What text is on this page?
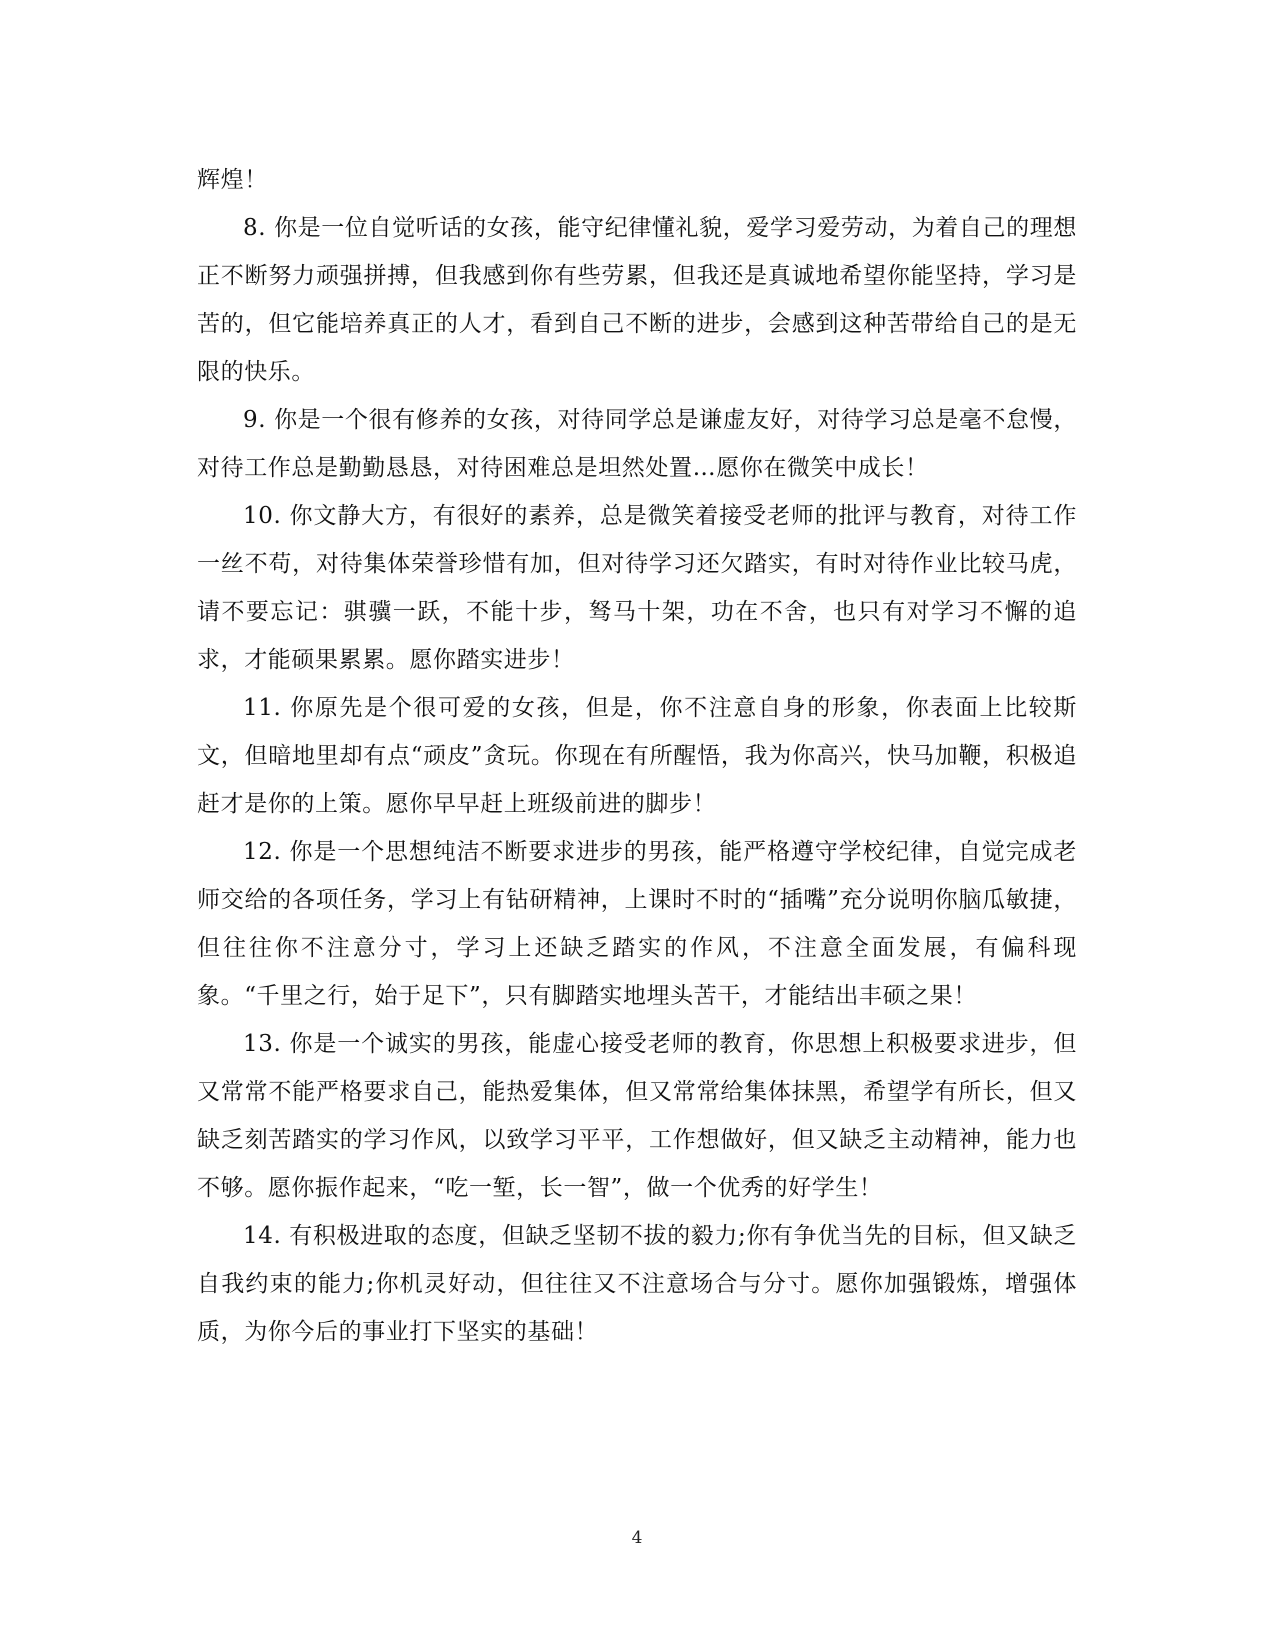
辉煌！

8. 你是一位自觉听话的女孩，能守纪律懂礼貌，爱学习爱劳动，为着自己的理想正不断努力顽强拼搏，但我感到你有些劳累，但我还是真诚地希望你能坚持，学习是苦的，但它能培养真正的人才，看到自己不断的进步，会感到这种苦带给自己的是无限的快乐。

9. 你是一个很有修养的女孩，对待同学总是谦虚友好，对待学习总是毫不怠慢，对待工作总是勤勤恳恳，对待困难总是坦然处置…愿你在微笑中成长！

10. 你文静大方，有很好的素养，总是微笑着接受老师的批评与教育，对待工作一丝不苟，对待集体荣誉珍惜有加，但对待学习还欠踏实，有时对待作业比较马虎，请不要忘记：骐骥一跃，不能十步，驽马十架，功在不舍，也只有对学习不懈的追求，才能硕果累累。愿你踏实进步！

11. 你原先是个很可爱的女孩，但是，你不注意自身的形象，你表面上比较斯文，但暗地里却有点“顽皮”贪玩。你现在有所醒悟，我为你高兴，快马加鞭，积极追赶才是你的上策。愿你早早赶上班级前进的脚步！

12. 你是一个思想纯洁不断要求进步的男孩，能严格遵守学校纪律，自觉完成老师交给的各项任务，学习上有钻研精神，上课时不时的“插嘴”充分说明你脑瓜敏捷，但往往你不注意分寸，学习上还缺乏踏实的作风，不注意全面发展，有偏科现象。“千里之行，始于足下”，只有脚踏实地埋头苦干，才能结出丰硕之果！

13. 你是一个诚实的男孩，能虚心接受老师的教育，你思想上积极要求进步，但又常常不能严格要求自己，能热爱集体，但又常常给集体抹黑，希望学有所长，但又缺乏刻苦踏实的学习作风，以致学习平平，工作想做好，但又缺乏主动精神，能力也不够。愿你振作起来，“吃一堑，长一智”，做一个优秀的好学生！

14. 有积极进取的态度，但缺乏坚韧不拔的毅力;你有争优当先的目标，但又缺乏自我约束的能力;你机灵好动，但往往又不注意场合与分寸。愿你加强锻炼，增强体质，为你今后的事业打下坚实的基础！

4
